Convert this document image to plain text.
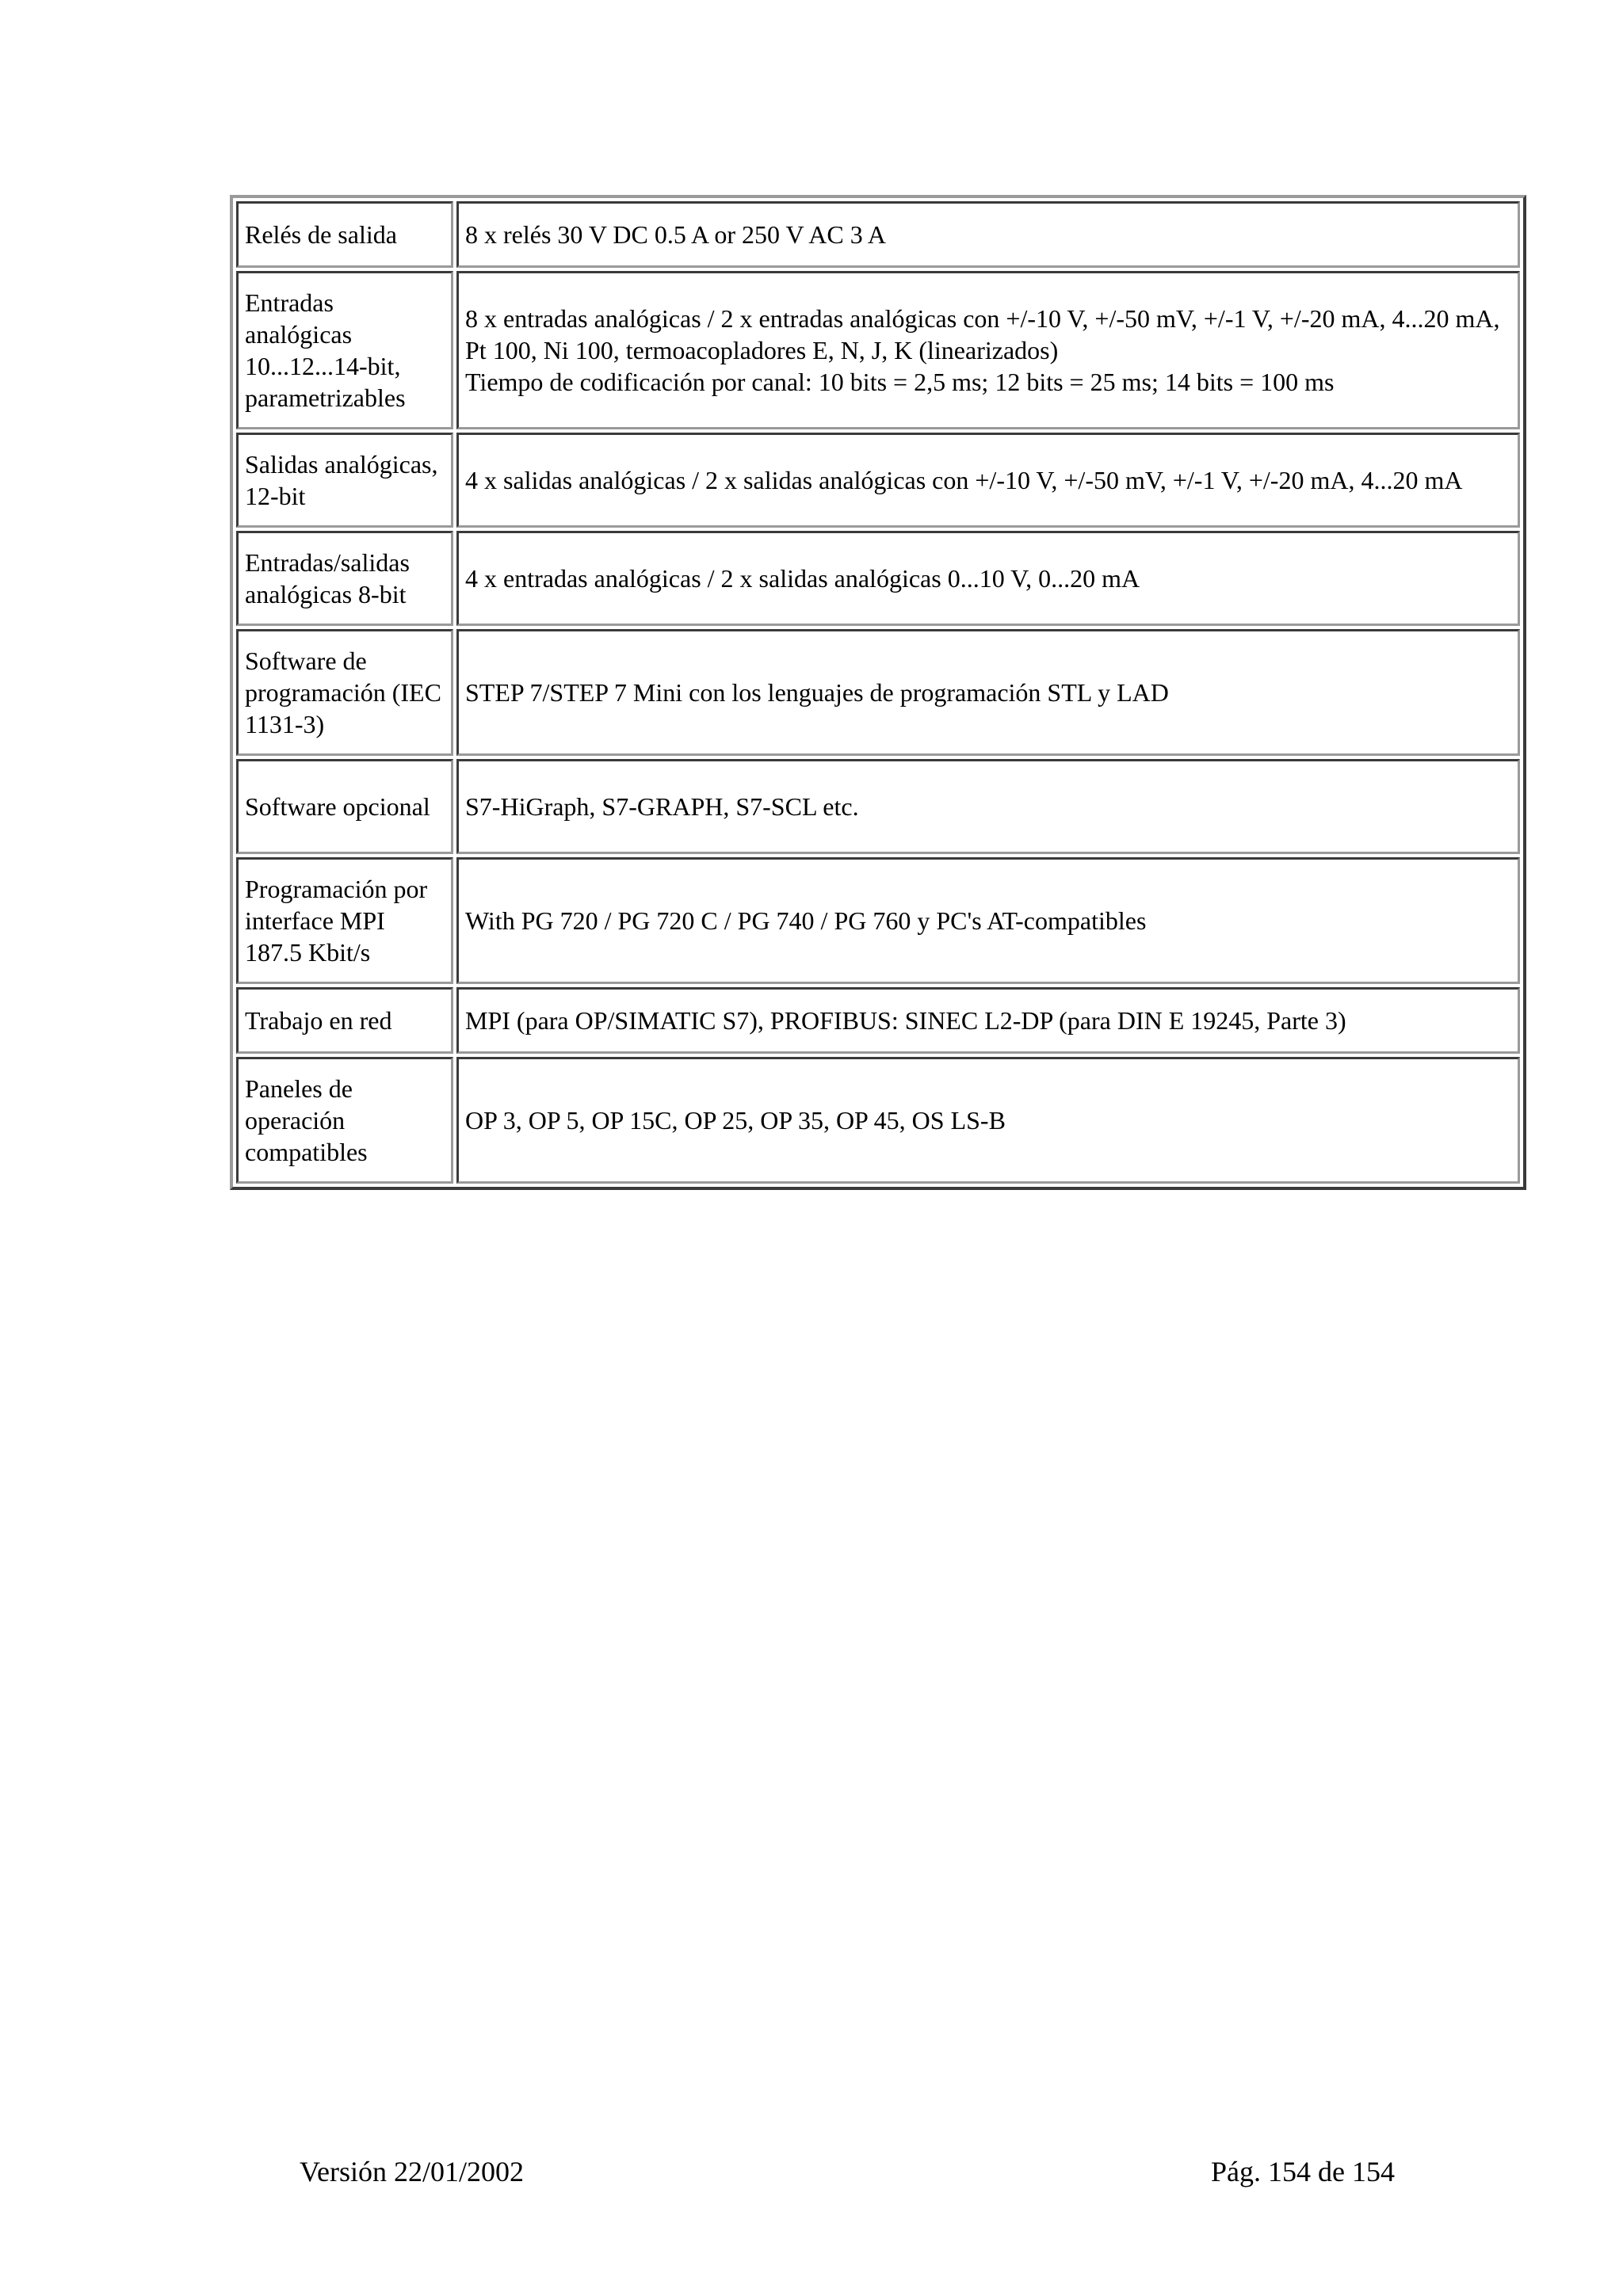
Relés de salida	8 x relés 30 V DC 0.5 A or 250 V AC 3 A

Entradas analógicas 10...12...14-bit, parametrizables	8 x entradas analógicas / 2 x entradas analógicas con +/-10 V, +/-50 mV, +/-1 V, +/-20 mA, 4...20 mA, Pt 100, Ni 100, termoacopladores E, N, J, K (linearizados)
Tiempo de codificación por canal: 10 bits = 2,5 ms; 12 bits = 25 ms; 14 bits = 100 ms

Salidas analógicas, 12-bit	4 x salidas analógicas / 2 x salidas analógicas con +/-10 V, +/-50 mV, +/-1 V, +/-20 mA, 4...20 mA

Entradas/salidas analógicas 8-bit	4 x entradas analógicas / 2 x salidas analógicas 0...10 V, 0...20 mA

Software de programación (IEC 1131-3)	STEP 7/STEP 7 Mini con los lenguajes de programación STL y LAD

Software opcional	S7-HiGraph, S7-GRAPH, S7-SCL etc.

Programación por interface MPI 187.5 Kbit/s	With PG 720 / PG 720 C / PG 740 / PG 760 y PC's AT-compatibles

Trabajo en red	MPI (para OP/SIMATIC S7), PROFIBUS: SINEC L2-DP (para DIN E 19245, Parte 3)

Paneles de operación compatibles	OP 3, OP 5, OP 15C, OP 25, OP 35, OP 45, OS LS-B
Versión 22/01/2002	Pág. 154 de 154
